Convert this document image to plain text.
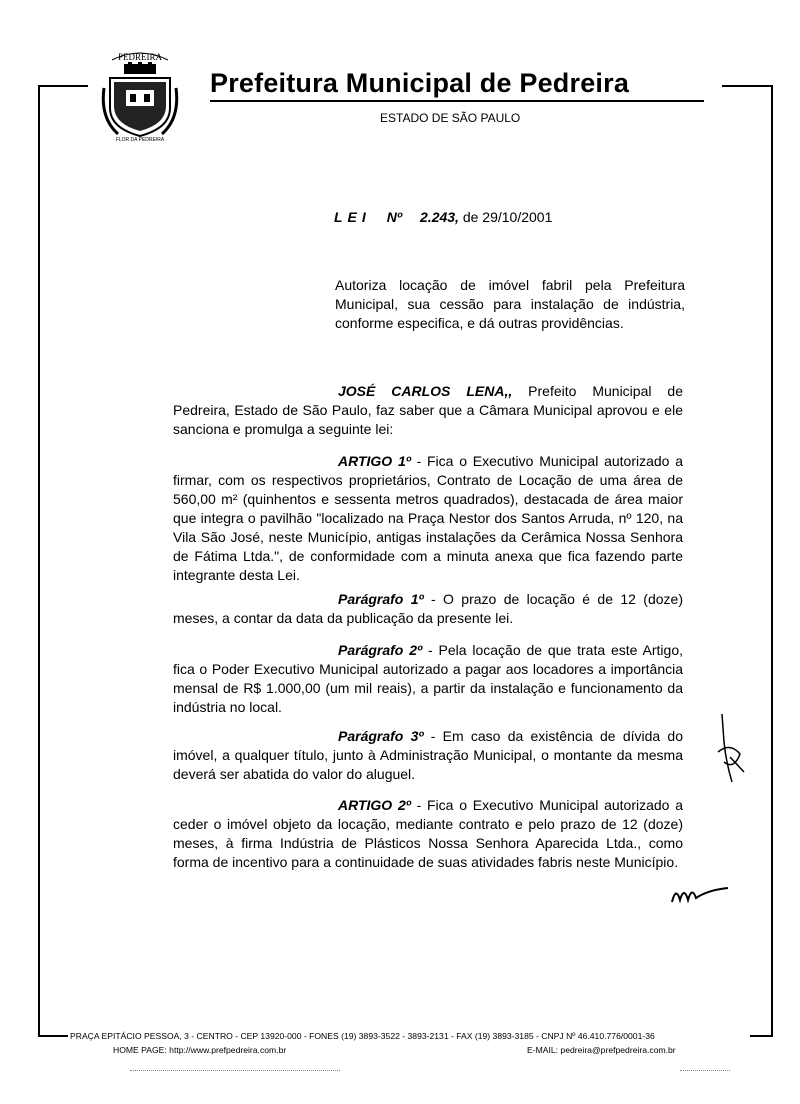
PEDREIRA
FLOR DA PEDREIRA
Prefeitura Municipal de Pedreira
ESTADO DE SÃO PAULO
LEI Nº 2.243, de 29/10/2001
Autoriza locação de imóvel fabril pela Prefeitura Municipal, sua cessão para instalação de indústria, conforme especifica, e dá outras providências.
JOSÉ CARLOS LENA,, Prefeito Municipal de Pedreira, Estado de São Paulo, faz saber que a Câmara Municipal aprovou e ele sanciona e promulga a seguinte lei:
ARTIGO 1º - Fica o Executivo Municipal autorizado a firmar, com os respectivos proprietários, Contrato de Locação de uma área de 560,00 m² (quinhentos e sessenta metros quadrados), destacada de área maior que integra o pavilhão "localizado na Praça Nestor dos Santos Arruda, nº 120, na Vila São José, neste Município, antigas instalações da Cerâmica Nossa Senhora de Fátima Ltda.", de conformidade com a minuta anexa que fica fazendo parte integrante desta Lei.
Parágrafo 1º - O prazo de locação é de 12 (doze) meses, a contar da data da publicação da presente lei.
Parágrafo 2º - Pela locação de que trata este Artigo, fica o Poder Executivo Municipal autorizado a pagar aos locadores a importância mensal de R$ 1.000,00 (um mil reais), a partir da instalação e funcionamento da indústria no local.
Parágrafo 3º - Em caso da existência de dívida do imóvel, a qualquer título, junto à Administração Municipal, o montante da mesma deverá ser abatida do valor do aluguel.
ARTIGO 2º - Fica o Executivo Municipal autorizado a ceder o imóvel objeto da locação, mediante contrato e pelo prazo de 12 (doze) meses, à firma Indústria de Plásticos Nossa Senhora Aparecida Ltda., como forma de incentivo para a continuidade de suas atividades fabris neste Município.
PRAÇA EPITÁCIO PESSOA, 3 - CENTRO - CEP 13920-000 - FONES (19) 3893-3522 - 3893-2131 - FAX (19) 3893-3185 - CNPJ Nº 46.410.776/0001-36
HOME PAGE: http://www.prefpedreira.com.br	E-MAIL: pedreira@prefpedreira.com.br
